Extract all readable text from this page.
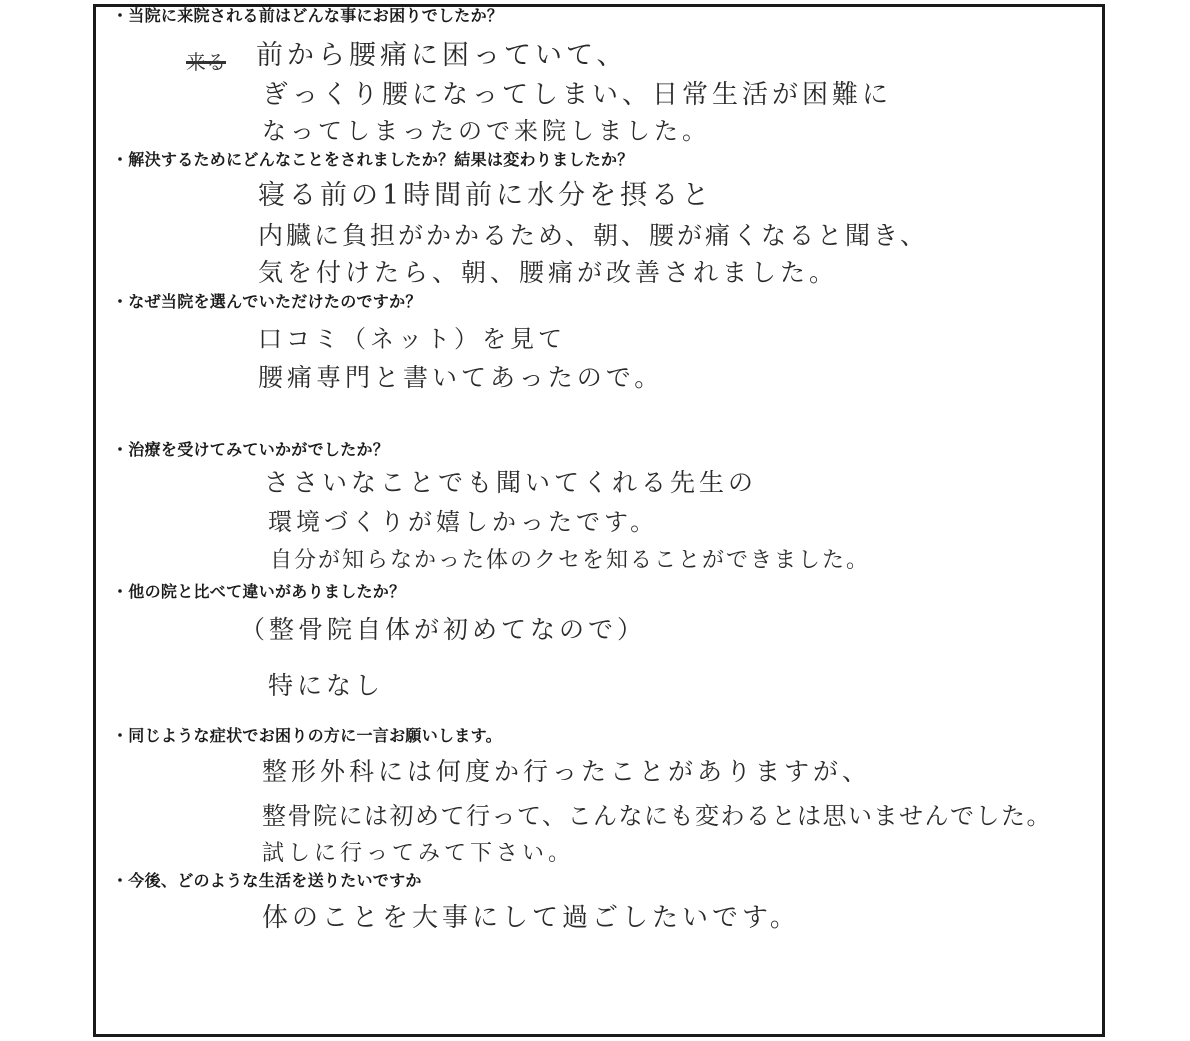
・当院に来院される前はどんな事にお困りでしたか？
来る 前から腰痛に困っていて、
ぎっくり腰になってしまい、日常生活が困難に
なってしまったので来院しました。
・解決するためにどんなことをされましたか？結果は変わりましたか？
寝る前の1時間前に水分を摂ると
内臓に負担がかかるため、朝、腰が痛くなると聞き、
気を付けたら、朝、腰痛が改善されました。
・なぜ当院を選んでいただけたのですか？
口コミ（ネット）を見て
腰痛専門と書いてあったので。
・治療を受けてみていかがでしたか？
ささいなことでも聞いてくれる先生の
環境づくりが嬉しかったです。
自分が知らなかった体のクセを知ることができました。
・他の院と比べて違いがありましたか？
（整骨院自体が初めてなので）
特になし
・同じような症状でお困りの方に一言お願いします。
整形外科には何度か行ったことがありますが、
整骨院には初めて行って、こんなにも変わるとは思いませんでした。
試しに行ってみて下さい。
・今後、どのような生活を送りたいですか
体のことを大事にして過ごしたいです。
